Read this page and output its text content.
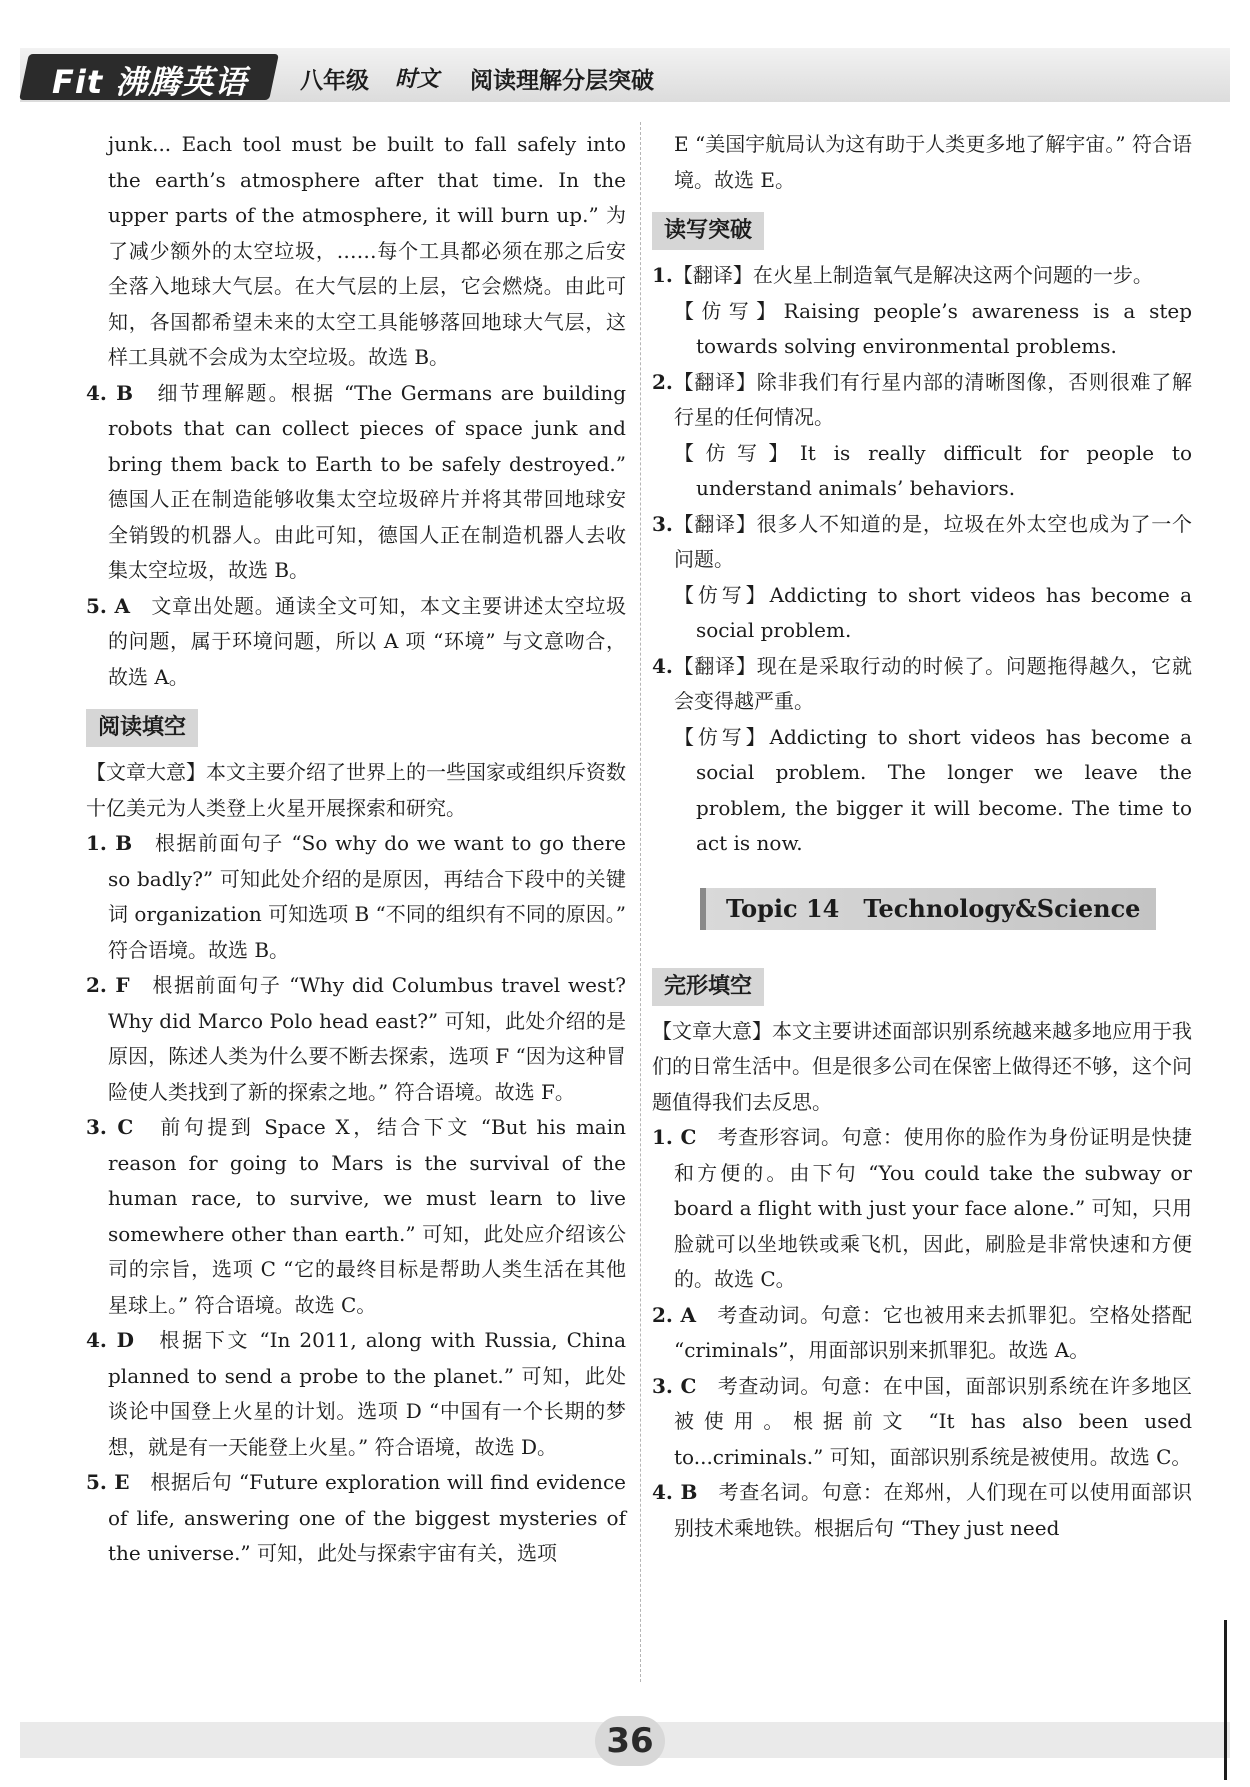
Fit 沸腾英语 八年级 时文 阅读理解分层突破

junk... Each tool must be built to fall safely into the earth’s atmosphere after that time. In the upper parts of the atmosphere, it will burn up.” 为了减少额外的太空垃圾，……每个工具都必须在那之后安全落入地球大气层。在大气层的上层，它会燃烧。由此可知，各国都希望未来的太空工具能够落回地球大气层，这样工具就不会成为太空垃圾。故选 B。

4. B　 细节理解题。根据 “The Germans are building robots that can collect pieces of space junk and bring them back to Earth to be safely destroyed.” 德国人正在制造能够收集太空垃圾碎片并将其带回地球安全销毁的机器人。由此可知，德国人正在制造机器人去收集太空垃圾，故选 B。

5. A　 文章出处题。通读全文可知，本文主要讲述太空垃圾的问题，属于环境问题，所以 A 项 “环境” 与文意吻合，故选 A。

阅读填空

【文章大意】本文主要介绍了世界上的一些国家或组织斥资数十亿美元为人类登上火星开展探索和研究。

1. B　 根据前面句子 “So why do we want to go there so badly?” 可知此处介绍的是原因，再结合下段中的关键词 organization 可知选项 B “不同的组织有不同的原因。” 符合语境。故选 B。

2. F　 根据前面句子 “Why did Columbus travel west? Why did Marco Polo head east?” 可知，此处介绍的是原因，陈述人类为什么要不断去探索，选项 F “因为这种冒险使人类找到了新的探索之地。” 符合语境。故选 F。

3. C　 前句提到 Space X，结合下文 “But his main reason for going to Mars is the survival of the human race, to survive, we must learn to live somewhere other than earth.” 可知，此处应介绍该公司的宗旨，选项 C “它的最终目标是帮助人类生活在其他星球上。” 符合语境。故选 C。

4. D　 根据下文 “In 2011, along with Russia, China planned to send a probe to the planet.” 可知，此处谈论中国登上火星的计划。选项 D “中国有一个长期的梦想，就是有一天能登上火星。” 符合语境，故选 D。

5. E　 根据后句 “Future exploration will find evidence of life, answering one of the biggest mysteries of the universe.” 可知，此处与探索宇宙有关，选项

E “美国宇航局认为这有助于人类更多地了解宇宙。” 符合语境。故选 E。

读写突破

1.【翻译】在火星上制造氧气是解决这两个问题的一步。

【仿写】Raising people’s awareness is a step towards solving environmental problems.

2.【翻译】除非我们有行星内部的清晰图像，否则很难了解行星的任何情况。

【仿写】It is really difficult for people to understand animals’ behaviors.

3.【翻译】很多人不知道的是，垃圾在外太空也成为了一个问题。

【仿写】Addicting to short videos has become a social problem.

4.【翻译】现在是采取行动的时候了。问题拖得越久，它就会变得越严重。

【仿写】Addicting to short videos has become a social problem. The longer we leave the problem, the bigger it will become. The time to act is now.

Topic 14　Technology&Science
完形填空

【文章大意】本文主要讲述面部识别系统越来越多地应用于我们的日常生活中。但是很多公司在保密上做得还不够，这个问题值得我们去反思。

1. C　 考查形容词。句意：使用你的脸作为身份证明是快捷和方便的。由下句 “You could take the subway or board a flight with just your face alone.” 可知，只用脸就可以坐地铁或乘飞机，因此，刷脸是非常快速和方便的。故选 C。

2. A　 考查动词。句意：它也被用来去抓罪犯。空格处搭配 “criminals”，用面部识别来抓罪犯。故选 A。

3. C　 考查动词。句意：在中国，面部识别系统在许多地区被使用。根据前文 “It has also been used to...criminals.” 可知，面部识别系统是被使用。故选 C。

4. B　 考查名词。句意：在郑州，人们现在可以使用面部识别技术乘地铁。根据后句 “They just need

36
